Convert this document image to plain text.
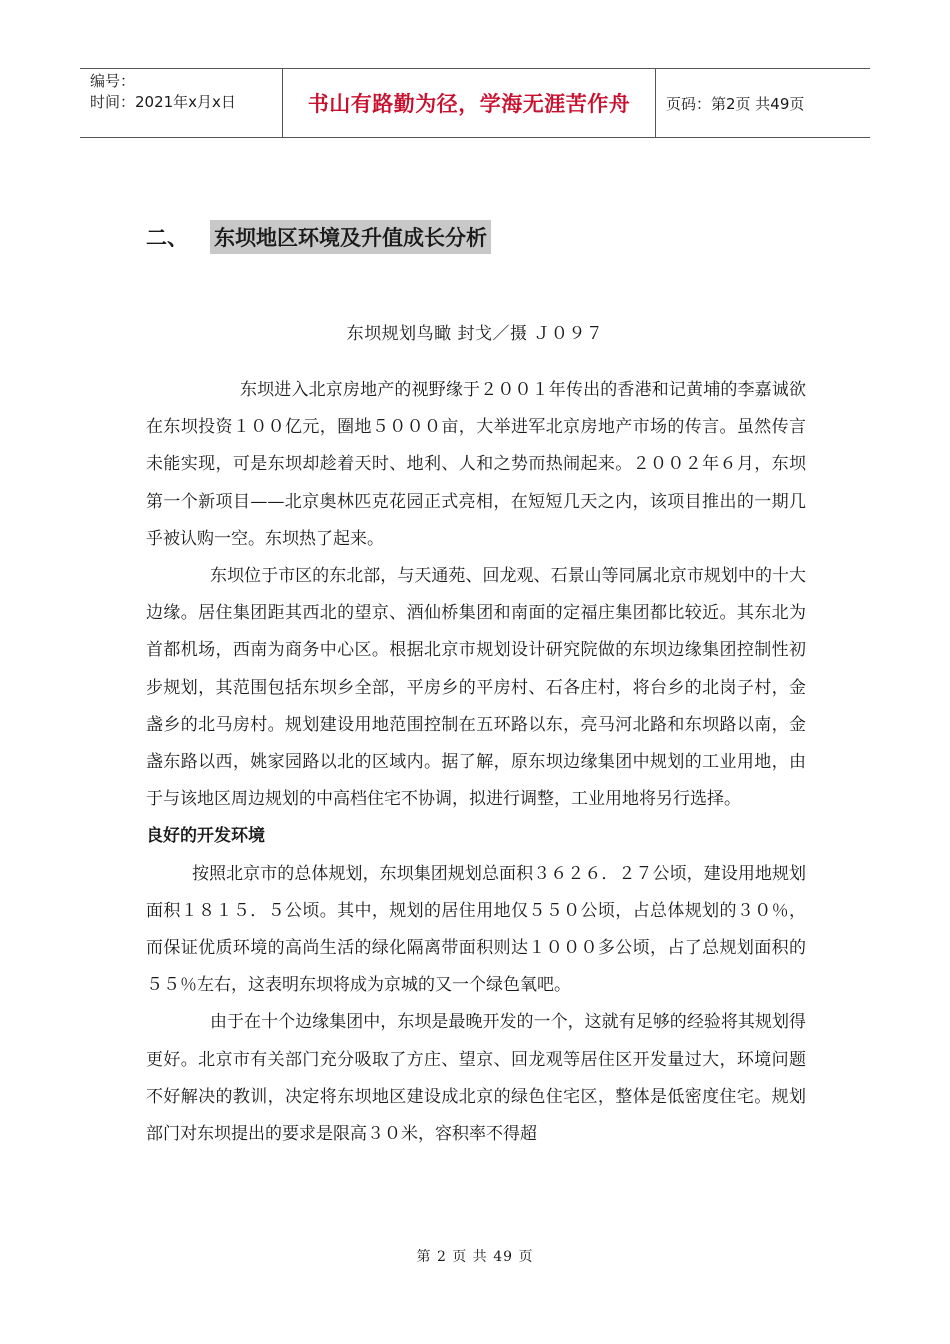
编号：
时间：2021年x月x日	书山有路勤为径，学海无涯苦作舟	页码：第2页 共49页
二、	东坝地区环境及升值成长分析
东坝规划鸟瞰 封戈／摄 Ｊ０９７

东坝进入北京房地产的视野缘于２００１年传出的香港和记黄埔的李嘉诚欲在东坝投资１００亿元，圈地５０００亩，大举进军北京房地产市场的传言。虽然传言未能实现，可是东坝却趁着天时、地利、人和之势而热闹起来。２００２年６月，东坝第一个新项目——北京奥林匹克花园正式亮相，在短短几天之内，该项目推出的一期几乎被认购一空。东坝热了起来。

东坝位于市区的东北部，与天通苑、回龙观、石景山等同属北京市规划中的十大边缘。居住集团距其西北的望京、酒仙桥集团和南面的定福庄集团都比较近。其东北为首都机场，西南为商务中心区。根据北京市规划设计研究院做的东坝边缘集团控制性初步规划，其范围包括东坝乡全部，平房乡的平房村、石各庄村，将台乡的北岗子村，金盏乡的北马房村。规划建设用地范围控制在五环路以东，亮马河北路和东坝路以南，金盏东路以西，姚家园路以北的区域内。据了解，原东坝边缘集团中规划的工业用地，由于与该地区周边规划的中高档住宅不协调，拟进行调整，工业用地将另行选择。

良好的开发环境

按照北京市的总体规划，东坝集团规划总面积３６２６．２７公顷，建设用地规划面积１８１５．５公顷。其中，规划的居住用地仅５５０公顷，占总体规划的３０％，而保证优质环境的高尚生活的绿化隔离带面积则达１０００多公顷，占了总规划面积的５５％左右，这表明东坝将成为京城的又一个绿色氧吧。

由于在十个边缘集团中，东坝是最晚开发的一个，这就有足够的经验将其规划得更好。北京市有关部门充分吸取了方庄、望京、回龙观等居住区开发量过大，环境问题不好解决的教训，决定将东坝地区建设成北京的绿色住宅区，整体是低密度住宅。规划部门对东坝提出的要求是限高３０米，容积率不得超

第 2 页 共 49 页
